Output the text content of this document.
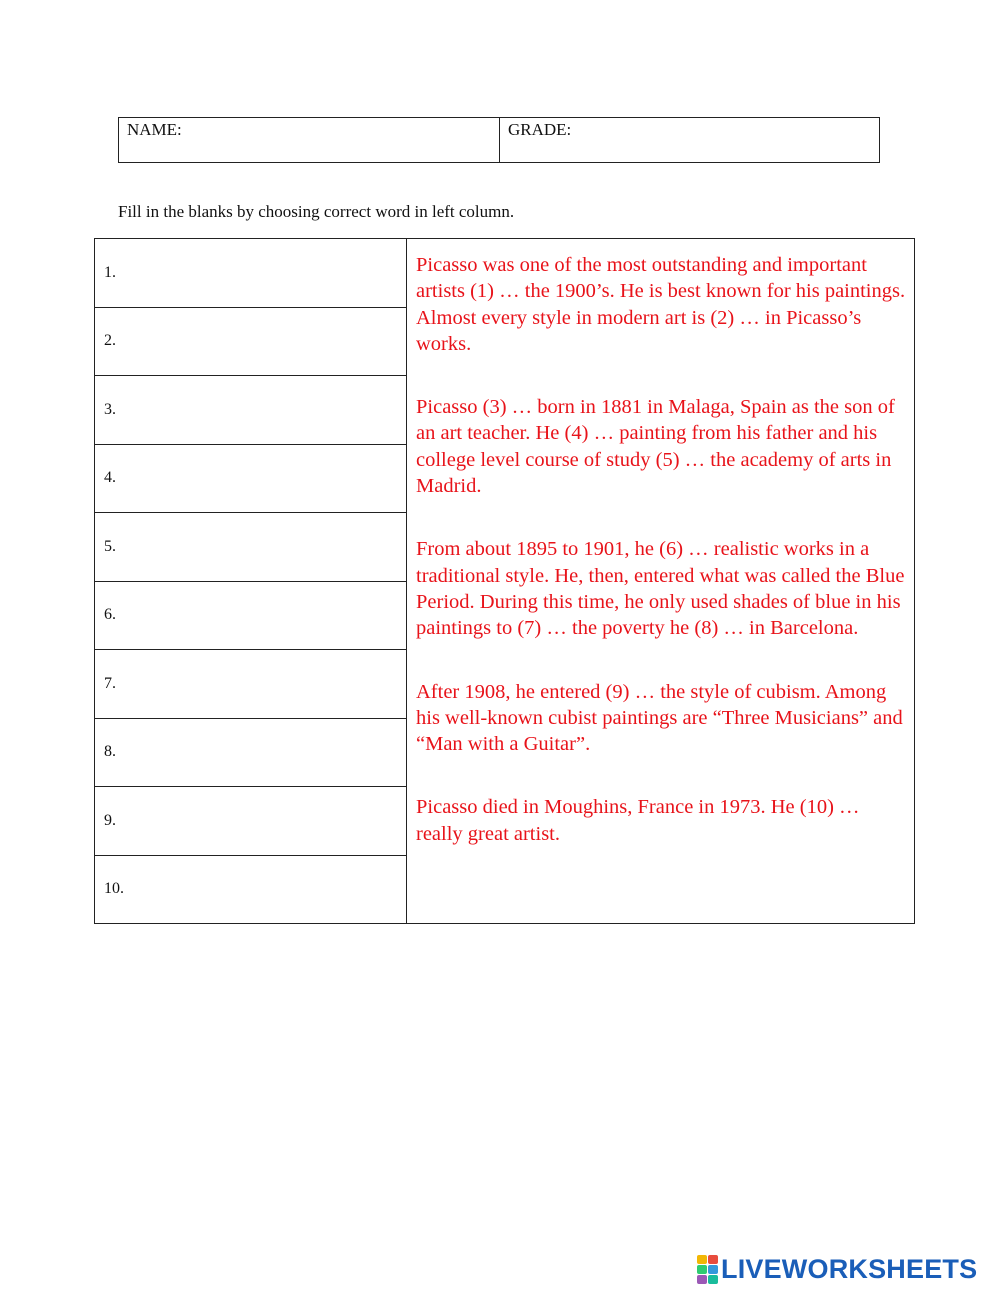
NAME:	GRADE:
Fill in the blanks by choosing correct word in left column.
1.
2.
3.
4.
5.
6.
7.
8.
9.
10.

Picasso was one of the most outstanding and important artists (1) … the 1900’s. He is best known for his paintings. Almost every style in modern art is (2) … in Picasso’s works.

Picasso (3) … born in 1881 in Malaga, Spain as the son of an art teacher. He (4) … painting from his father and his college level course of study (5) … the academy of arts in Madrid.

From about 1895 to 1901, he (6) … realistic works in a traditional style. He, then, entered what was called the Blue Period. During this time, he only used shades of blue in his paintings to (7) … the poverty he (8) … in Barcelona.

After 1908, he entered (9) … the style of cubism. Among his well-known cubist paintings are “Three Musicians” and “Man with a Guitar”.

Picasso died in Moughins, France in 1973. He (10) … really great artist.

LIVEWORKSHEETS
